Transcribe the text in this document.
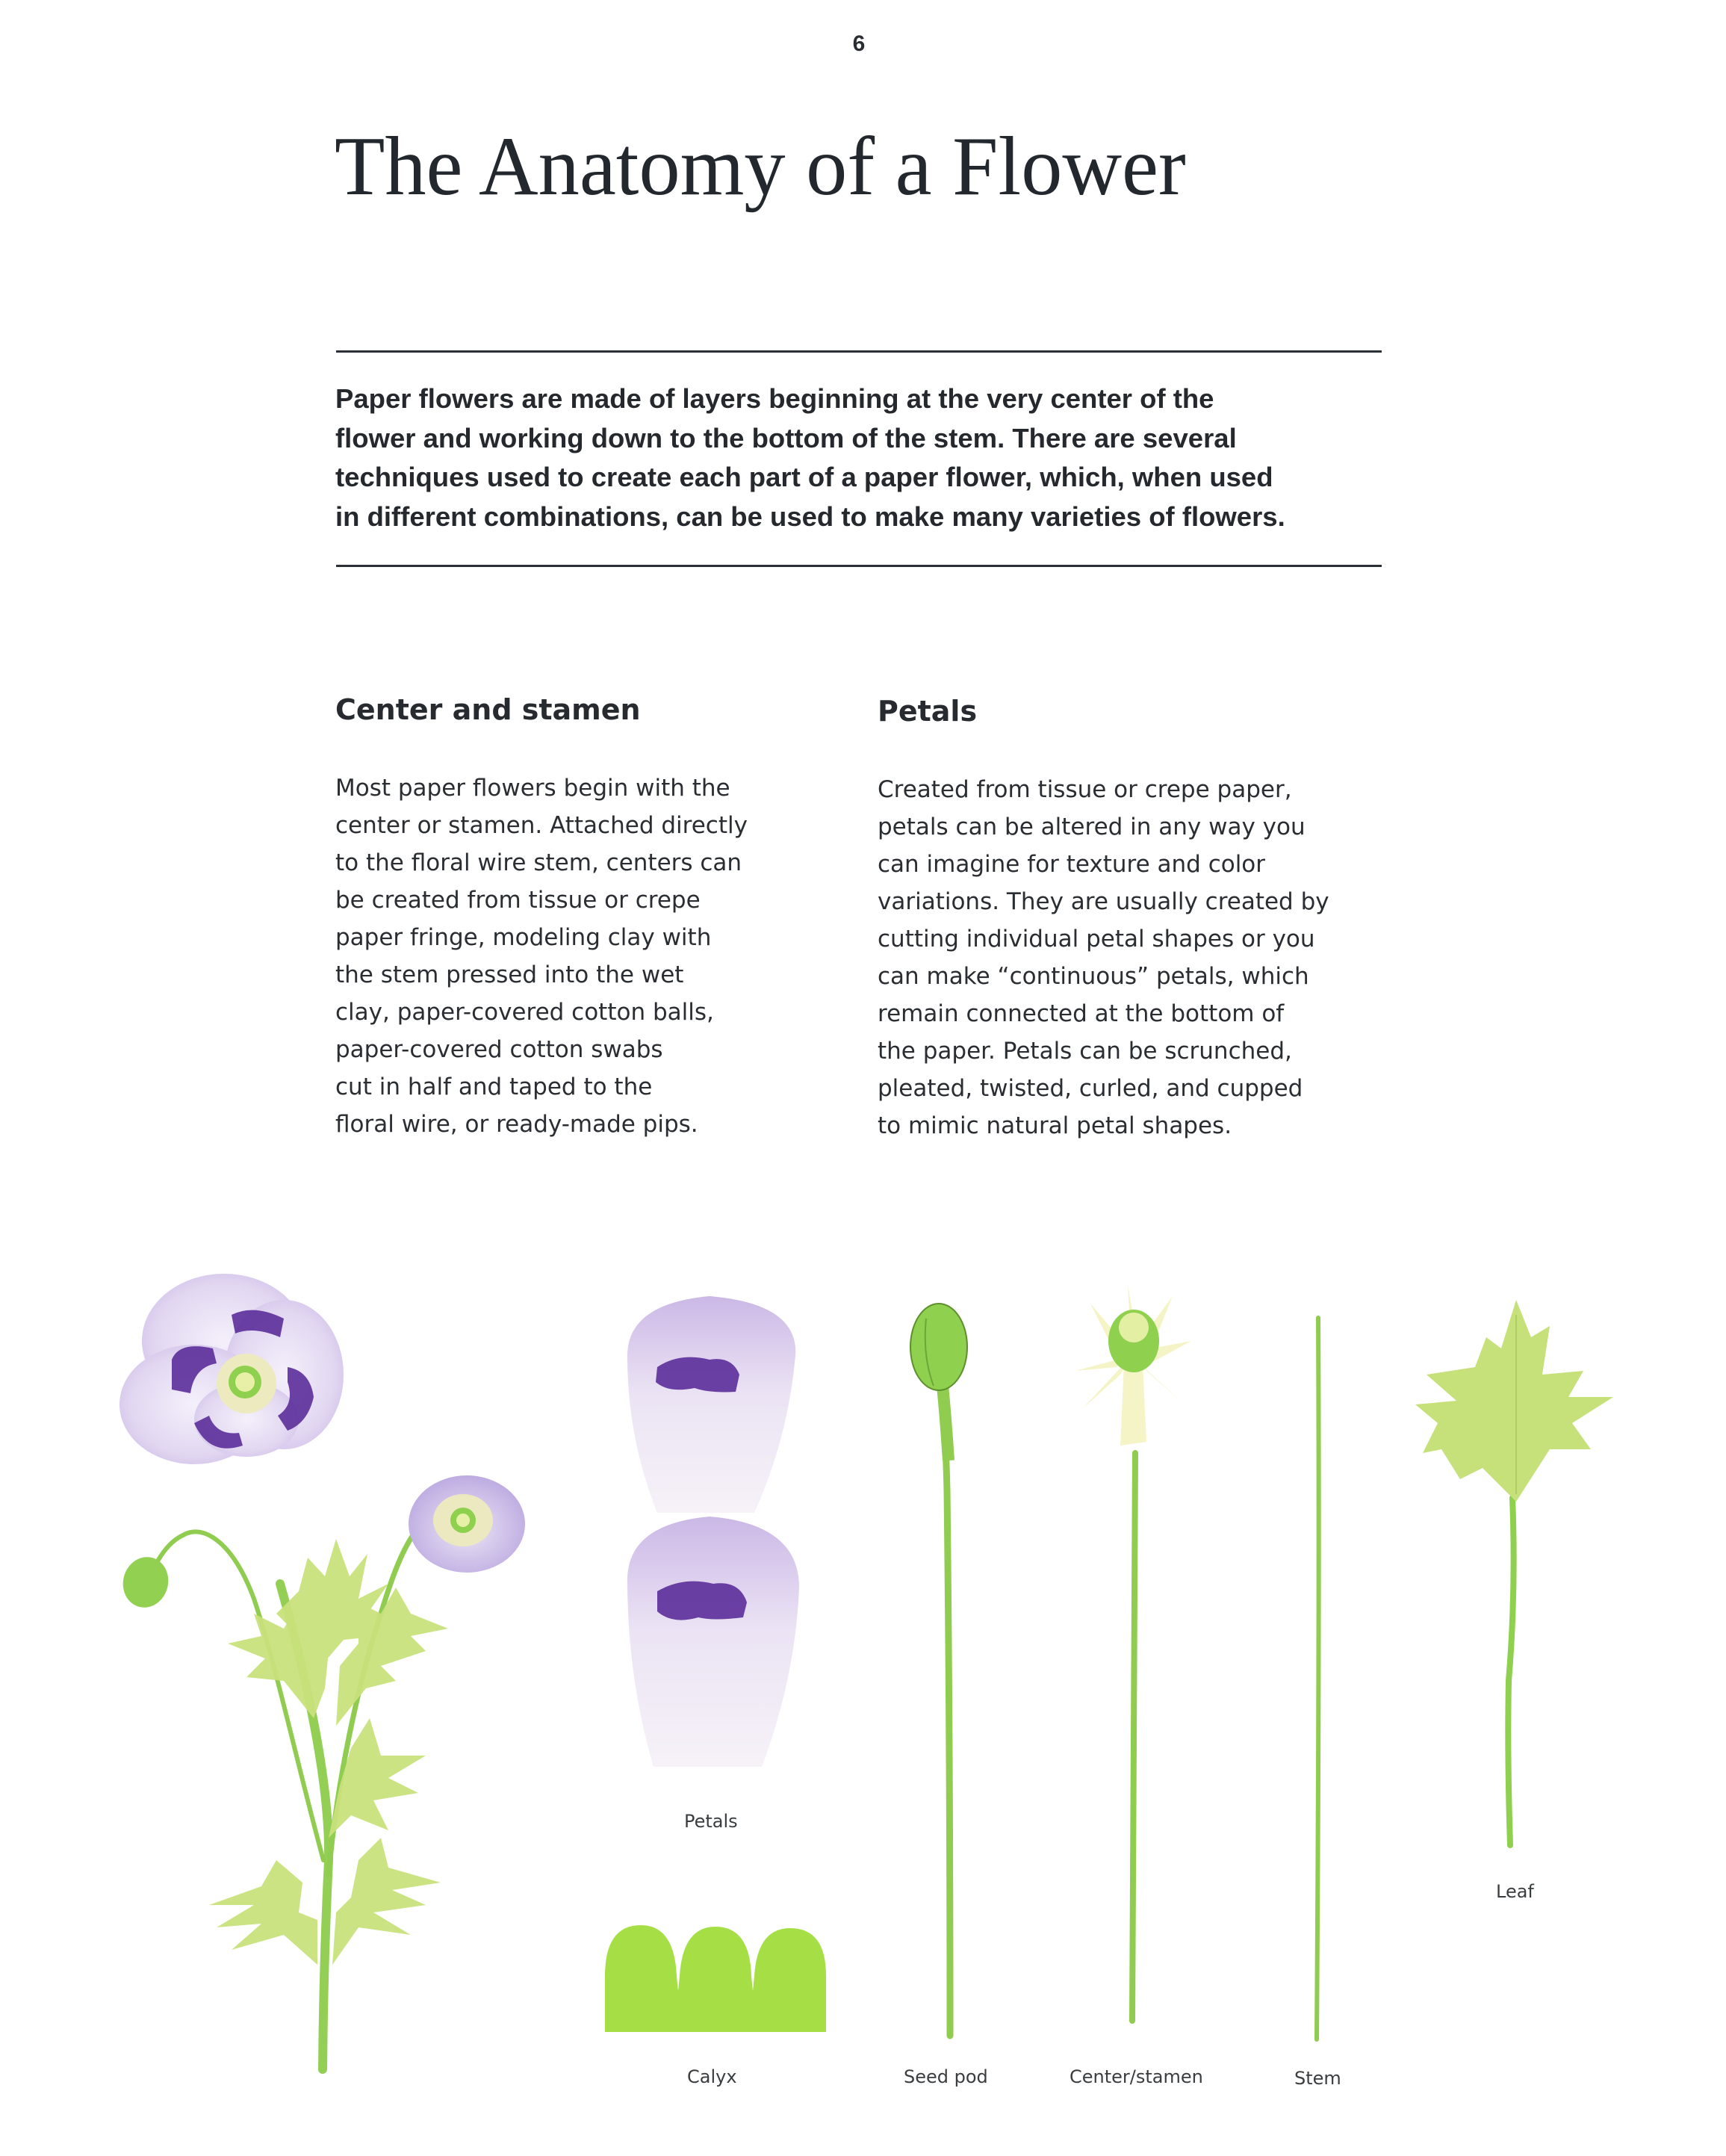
6
The Anatomy of a Flower
Paper flowers are made of layers beginning at the very center of the
flower and working down to the bottom of the stem. There are several
techniques used to create each part of a paper flower, which, when used
in different combinations, can be used to make many varieties of flowers.
Center and stamen
Most paper flowers begin with the
center or stamen. Attached directly
to the floral wire stem, centers can
be created from tissue or crepe
paper fringe, modeling clay with
the stem pressed into the wet
clay, paper-covered cotton balls,
paper-covered cotton swabs
cut in half and taped to the
floral wire, or ready-made pips.
Petals
Created from tissue or crepe paper,
petals can be altered in any way you
can imagine for texture and color
variations. They are usually created by
cutting individual petal shapes or you
can make “continuous” petals, which
remain connected at the bottom of
the paper. Petals can be scrunched,
pleated, twisted, curled, and cupped
to mimic natural petal shapes.
Petals
Calyx	Seed pod	Center/stamen	Stem
Leaf
